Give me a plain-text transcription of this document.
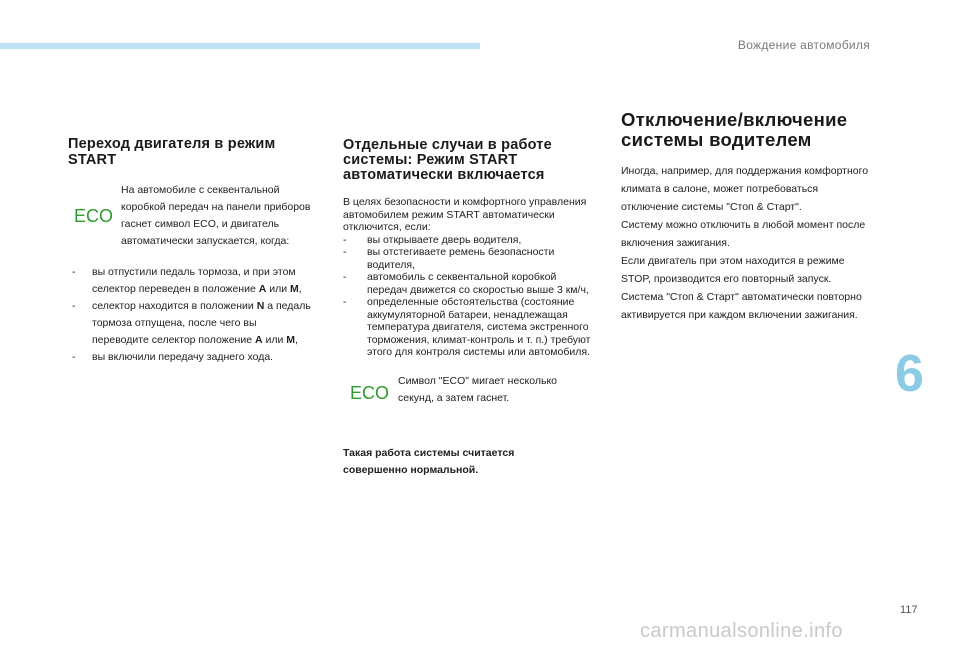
Вождение автомобиля
6
117
carmanualsonline.info
Переход двигателя в режим START
ECO

На автомобиле с секвентальной коробкой передач на панели приборов гаснет символ ECO, и двигатель автоматически запускается, когда:

- вы отпустили педаль тормоза, и при этом селектор переведен в положение A или M,
- селектор находится в положении N а педаль тормоза отпущена, после чего вы переводите селектор положение A или M,
- вы включили передачу заднего хода.
Отдельные случаи в работе системы: Режим START автоматически включается

В целях безопасности и комфортного управления автомобилем режим START автоматически отключится, если:

- вы открываете дверь водителя,
- вы отстегиваете ремень безопасности водителя,
- автомобиль с секвентальной коробкой передач движется со скоростью выше 3 км/ч,
- определенные обстоятельства (состояние аккумуляторной батареи, ненадлежащая температура двигателя, система экстренного торможения, климат-контроль и т. п.) требуют этого для контроля системы или автомобиля.
ECO

Символ "ECO" мигает несколько секунд, а затем гаснет.

Такая работа системы считается совершенно нормальной.

Отключение/включение системы водителем

Иногда, например, для поддержания комфортного климата в салоне, может потребоваться отключение системы "Стоп & Старт".

Систему можно отключить в любой момент после включения зажигания.

Если двигатель при этом находится в режиме STOP, производится его повторный запуск.

Система "Стоп & Старт" автоматически повторно активируется при каждом включении зажигания.
